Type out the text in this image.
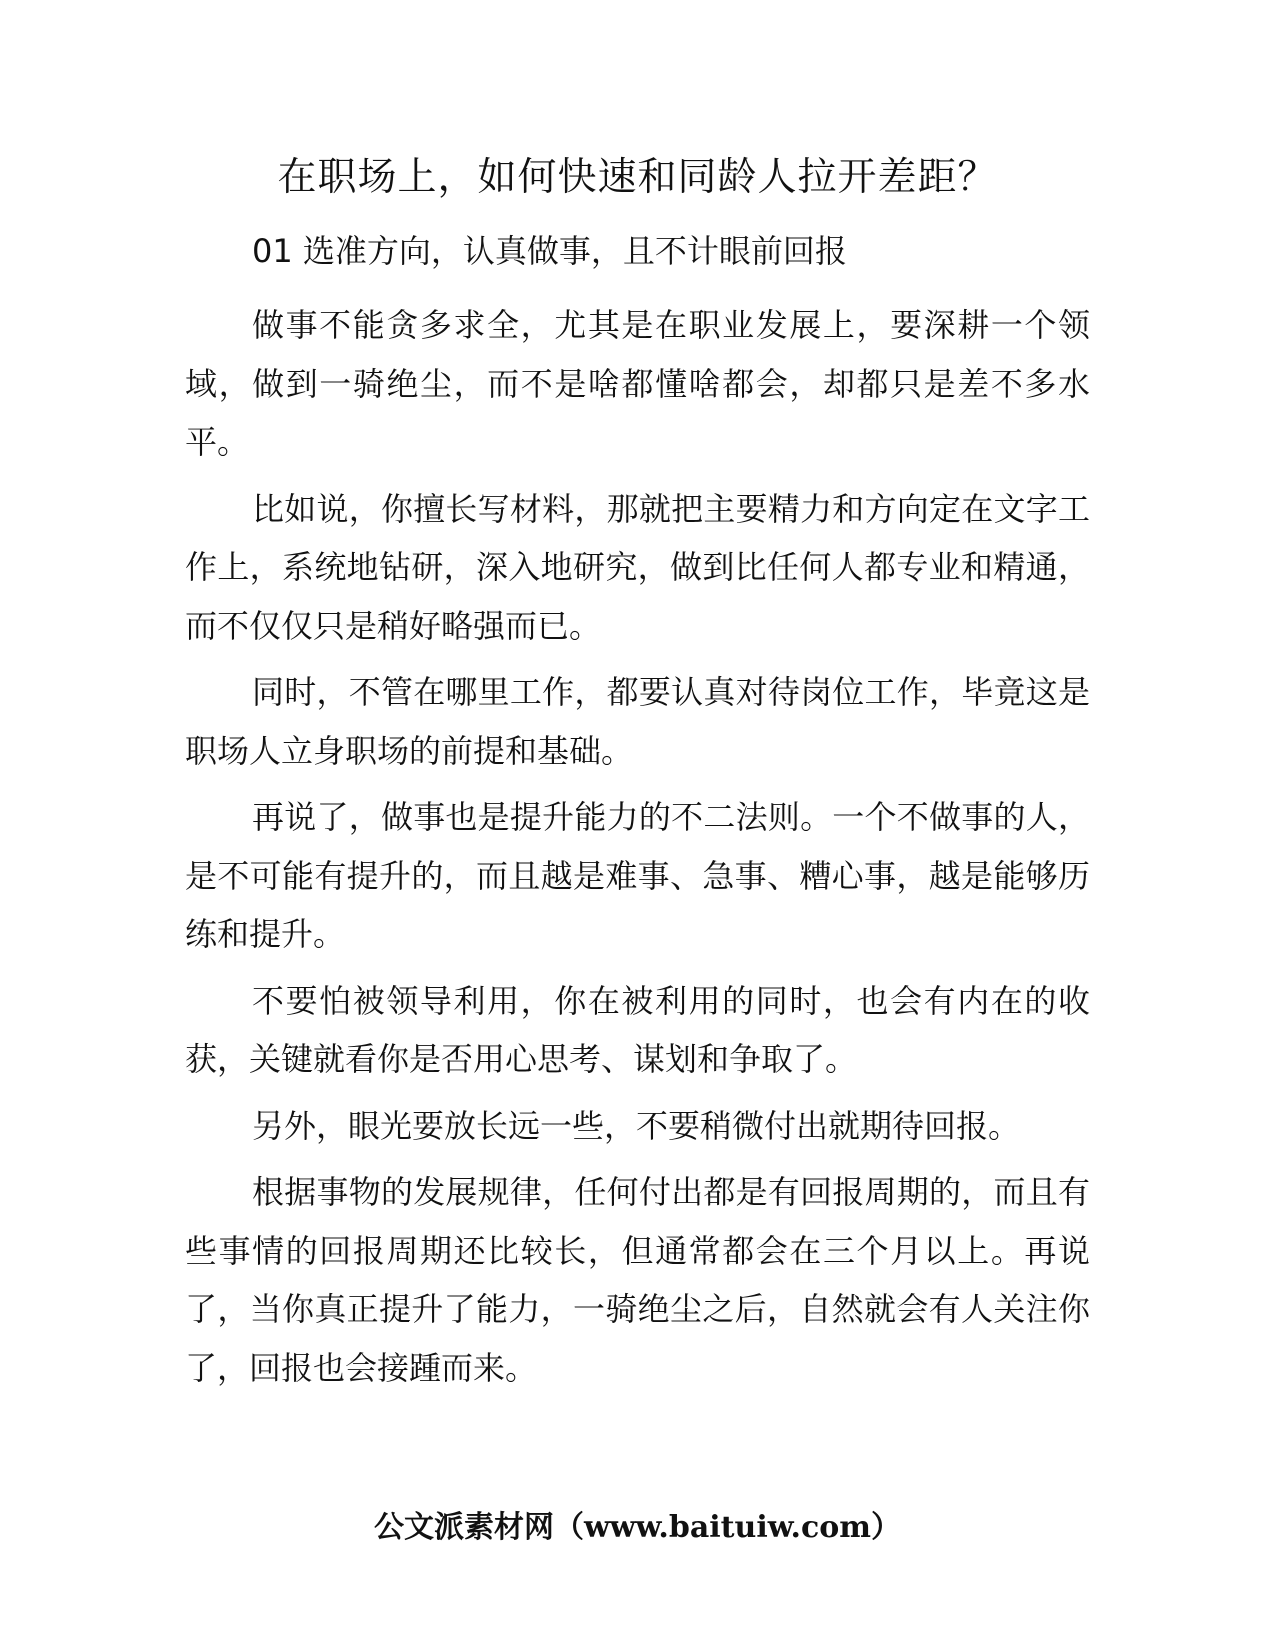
在职场上，如何快速和同龄人拉开差距？

01 选准方向，认真做事，且不计眼前回报

做事不能贪多求全，尤其是在职业发展上，要深耕一个领域，做到一骑绝尘，而不是啥都懂啥都会，却都只是差不多水平。

比如说，你擅长写材料，那就把主要精力和方向定在文字工作上，系统地钻研，深入地研究，做到比任何人都专业和精通，而不仅仅只是稍好略强而已。

同时，不管在哪里工作，都要认真对待岗位工作，毕竟这是职场人立身职场的前提和基础。

再说了，做事也是提升能力的不二法则。一个不做事的人，是不可能有提升的，而且越是难事、急事、糟心事，越是能够历练和提升。

不要怕被领导利用，你在被利用的同时，也会有内在的收获，关键就看你是否用心思考、谋划和争取了。

另外，眼光要放长远一些，不要稍微付出就期待回报。

根据事物的发展规律，任何付出都是有回报周期的，而且有些事情的回报周期还比较长，但通常都会在三个月以上。再说了，当你真正提升了能力，一骑绝尘之后，自然就会有人关注你了，回报也会接踵而来。

公文派素材网（www.baituiw.com）
